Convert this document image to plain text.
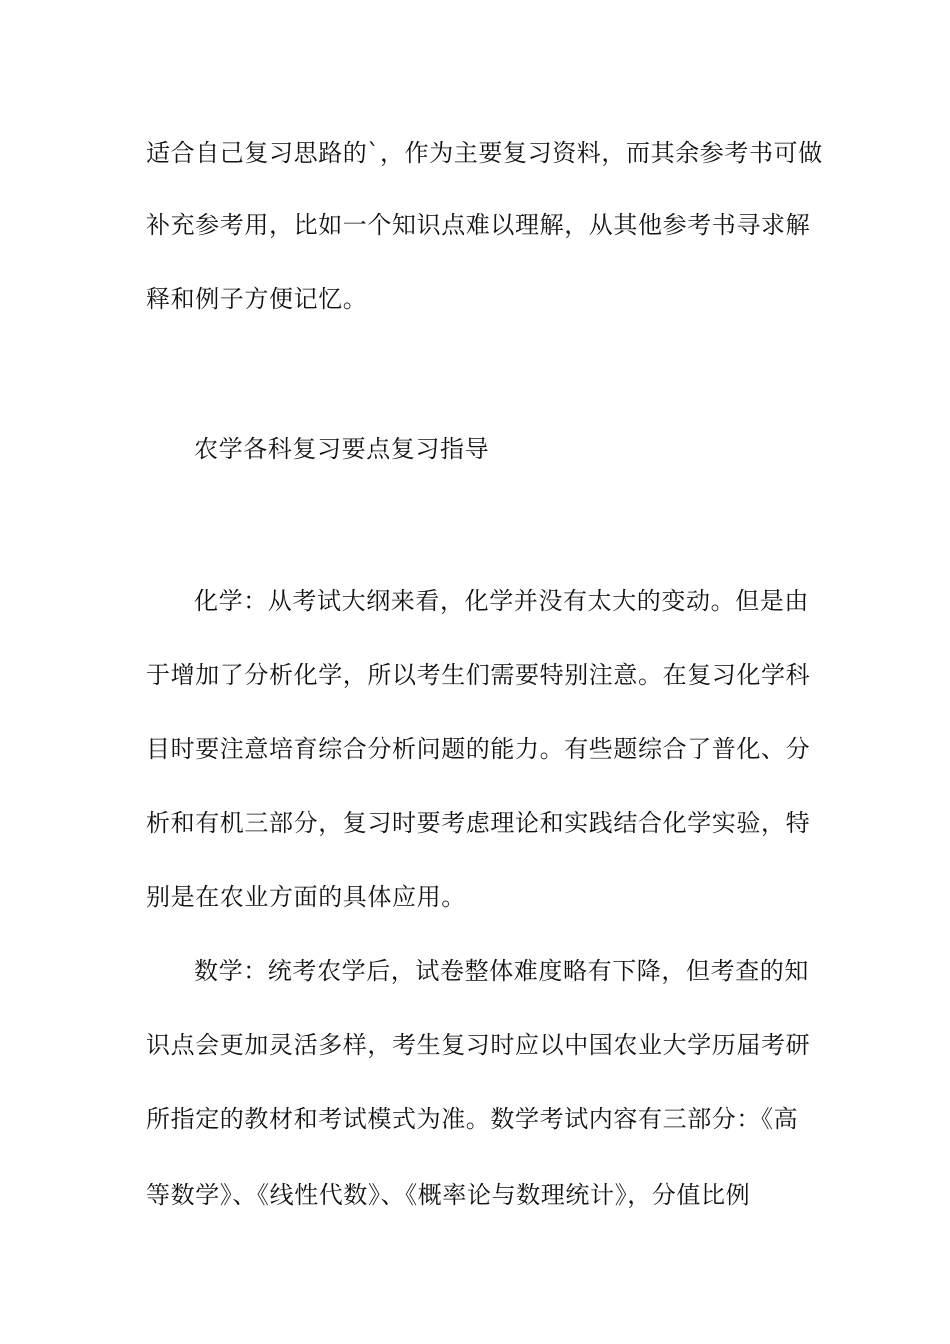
适合自己复习思路的`，作为主要复习资料，而其余参考书可做
补充参考用，比如一个知识点难以理解，从其他参考书寻求解
释和例子方便记忆。
农学各科复习要点复习指导
化学：从考试大纲来看，化学并没有太大的变动。但是由
于增加了分析化学，所以考生们需要特别注意。在复习化学科
目时要注意培育综合分析问题的能力。有些题综合了普化、分
析和有机三部分，复习时要考虑理论和实践结合化学实验，特
别是在农业方面的具体应用。
数学：统考农学后，试卷整体难度略有下降，但考查的知
识点会更加灵活多样，考生复习时应以中国农业大学历届考研
所指定的教材和考试模式为准。数学考试内容有三部分：《高
等数学》、《线性代数》、《概率论与数理统计》，分值比例
